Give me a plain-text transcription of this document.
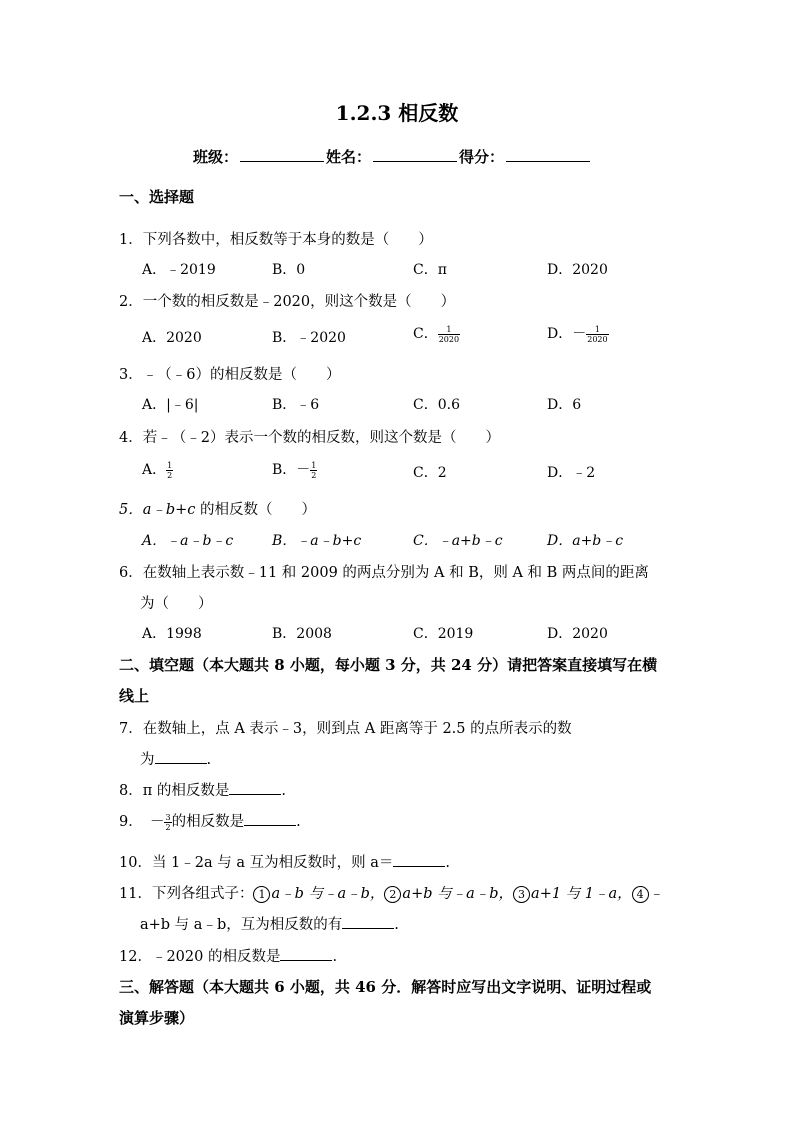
1.2.3 相反数
班级：	姓名：	得分：
一、选择题
1．下列各数中，相反数等于本身的数是（　　）
A．﹣2019	B．0	C．π	D．2020
2．一个数的相反数是﹣2020，则这个数是（　　）
A．2020	B．﹣2020	C． $\frac{1}{2020}$	D．－ $\frac{1}{2020}$
3．﹣（﹣6）的相反数是（　　）
A．|﹣6|	B．﹣6	C．0.6	D．6
4．若﹣（﹣2）表示一个数的相反数，则这个数是（　　）
A． $\frac{1}{2}$	B．－ $\frac{1}{2}$	C．2	D．﹣2
5．a﹣b+c 的相反数（　　）
A．﹣a﹣b﹣c	B．﹣a﹣b+c	C．﹣a+b﹣c	D．a+b﹣c
6．在数轴上表示数﹣11 和 2009 的两点分别为 A 和 B，则 A 和 B 两点间的距离
为（　　）
A．1998	B．2008	C．2019	D．2020
二、填空题（本大题共 8 小题，每小题 3 分，共 24 分）请把答案直接填写在横
线上
7．在数轴上，点 A 表示﹣3，则到点 A 距离等于 2.5 的点所表示的数
为	.
8．π 的相反数是	.
9．　－ $\frac{3}{2}$ 的相反数是	.
10．当 1﹣2a 与 a 互为相反数时，则 a＝	.
11．下列各组式子： 1 a﹣b 与﹣a﹣b， 2 a+b 与﹣a﹣b， 3 a+1 与 1﹣a， 4 ﹣
a+b 与 a﹣b，互为相反数的有	.
12．﹣2020 的相反数是	.
三、解答题（本大题共 6 小题，共 46 分．解答时应写出文字说明、证明过程或
演算步骤）
